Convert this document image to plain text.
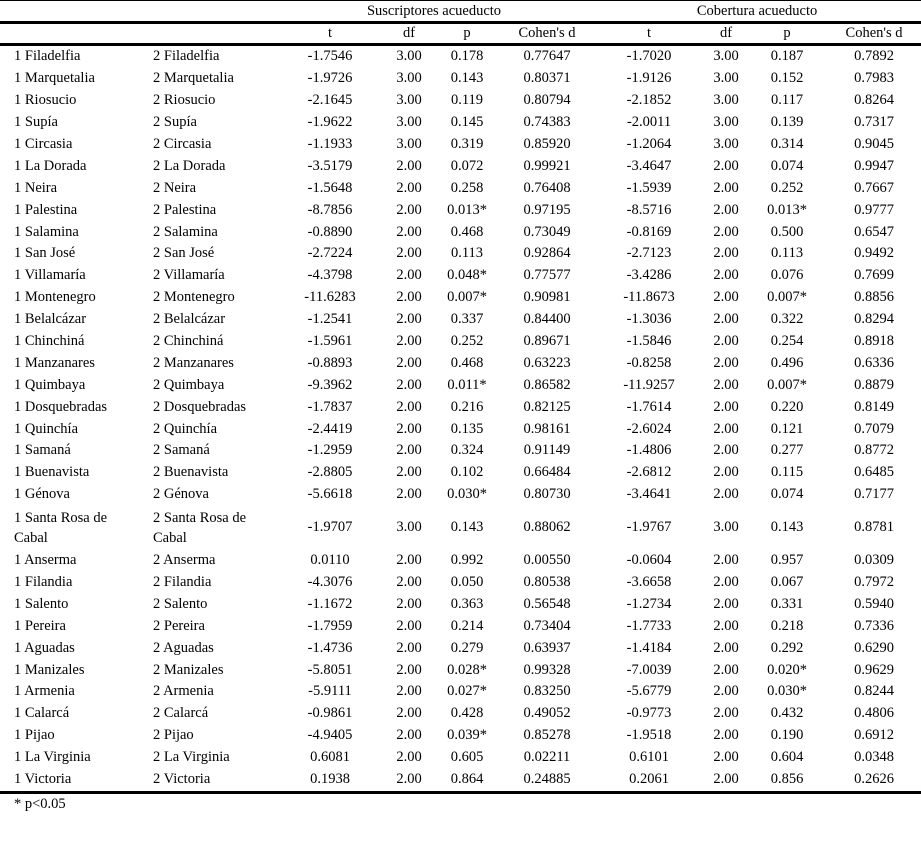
		Suscriptores acueducto				Cobertura acueducto			
		t	df	p	Cohen's d	t	df	p	Cohen's d
1 Filadelfia	2 Filadelfia	-1.7546	3.00	0.178	0.77647	-1.7020	3.00	0.187	0.7892
1 Marquetalia	2 Marquetalia	-1.9726	3.00	0.143	0.80371	-1.9126	3.00	0.152	0.7983
1 Riosucio	2 Riosucio	-2.1645	3.00	0.119	0.80794	-2.1852	3.00	0.117	0.8264
1 Supía	2 Supía	-1.9622	3.00	0.145	0.74383	-2.0011	3.00	0.139	0.7317
1 Circasia	2 Circasia	-1.1933	3.00	0.319	0.85920	-1.2064	3.00	0.314	0.9045
1 La Dorada	2 La Dorada	-3.5179	2.00	0.072	0.99921	-3.4647	2.00	0.074	0.9947
1 Neira	2 Neira	-1.5648	2.00	0.258	0.76408	-1.5939	2.00	0.252	0.7667
1 Palestina	2 Palestina	-8.7856	2.00	0.013*	0.97195	-8.5716	2.00	0.013*	0.9777
1 Salamina	2 Salamina	-0.8890	2.00	0.468	0.73049	-0.8169	2.00	0.500	0.6547
1 San José	2 San José	-2.7224	2.00	0.113	0.92864	-2.7123	2.00	0.113	0.9492
1 Villamaría	2 Villamaría	-4.3798	2.00	0.048*	0.77577	-3.4286	2.00	0.076	0.7699
1 Montenegro	2 Montenegro	-11.6283	2.00	0.007*	0.90981	-11.8673	2.00	0.007*	0.8856
1 Belalcázar	2 Belalcázar	-1.2541	2.00	0.337	0.84400	-1.3036	2.00	0.322	0.8294
1 Chinchiná	2 Chinchiná	-1.5961	2.00	0.252	0.89671	-1.5846	2.00	0.254	0.8918
1 Manzanares	2 Manzanares	-0.8893	2.00	0.468	0.63223	-0.8258	2.00	0.496	0.6336
1 Quimbaya	2 Quimbaya	-9.3962	2.00	0.011*	0.86582	-11.9257	2.00	0.007*	0.8879
1 Dosquebradas	2 Dosquebradas	-1.7837	2.00	0.216	0.82125	-1.7614	2.00	0.220	0.8149
1 Quinchía	2 Quinchía	-2.4419	2.00	0.135	0.98161	-2.6024	2.00	0.121	0.7079
1 Samaná	2 Samaná	-1.2959	2.00	0.324	0.91149	-1.4806	2.00	0.277	0.8772
1 Buenavista	2 Buenavista	-2.8805	2.00	0.102	0.66484	-2.6812	2.00	0.115	0.6485
1 Génova	2 Génova	-5.6618	2.00	0.030*	0.80730	-3.4641	2.00	0.074	0.7177
1 Santa Rosa de Cabal	2 Santa Rosa de Cabal	-1.9707	3.00	0.143	0.88062	-1.9767	3.00	0.143	0.8781
1 Anserma	2 Anserma	0.0110	2.00	0.992	0.00550	-0.0604	2.00	0.957	0.0309
1 Filandia	2 Filandia	-4.3076	2.00	0.050	0.80538	-3.6658	2.00	0.067	0.7972
1 Salento	2 Salento	-1.1672	2.00	0.363	0.56548	-1.2734	2.00	0.331	0.5940
1 Pereira	2 Pereira	-1.7959	2.00	0.214	0.73404	-1.7733	2.00	0.218	0.7336
1 Aguadas	2 Aguadas	-1.4736	2.00	0.279	0.63937	-1.4184	2.00	0.292	0.6290
1 Manizales	2 Manizales	-5.8051	2.00	0.028*	0.99328	-7.0039	2.00	0.020*	0.9629
1 Armenia	2 Armenia	-5.9111	2.00	0.027*	0.83250	-5.6779	2.00	0.030*	0.8244
1 Calarcá	2 Calarcá	-0.9861	2.00	0.428	0.49052	-0.9773	2.00	0.432	0.4806
1 Pijao	2 Pijao	-4.9405	2.00	0.039*	0.85278	-1.9518	2.00	0.190	0.6912
1 La Virginia	2 La Virginia	0.6081	2.00	0.605	0.02211	0.6101	2.00	0.604	0.0348
1 Victoria	2 Victoria	0.1938	2.00	0.864	0.24885	0.2061	2.00	0.856	0.2626
* p<0.05
